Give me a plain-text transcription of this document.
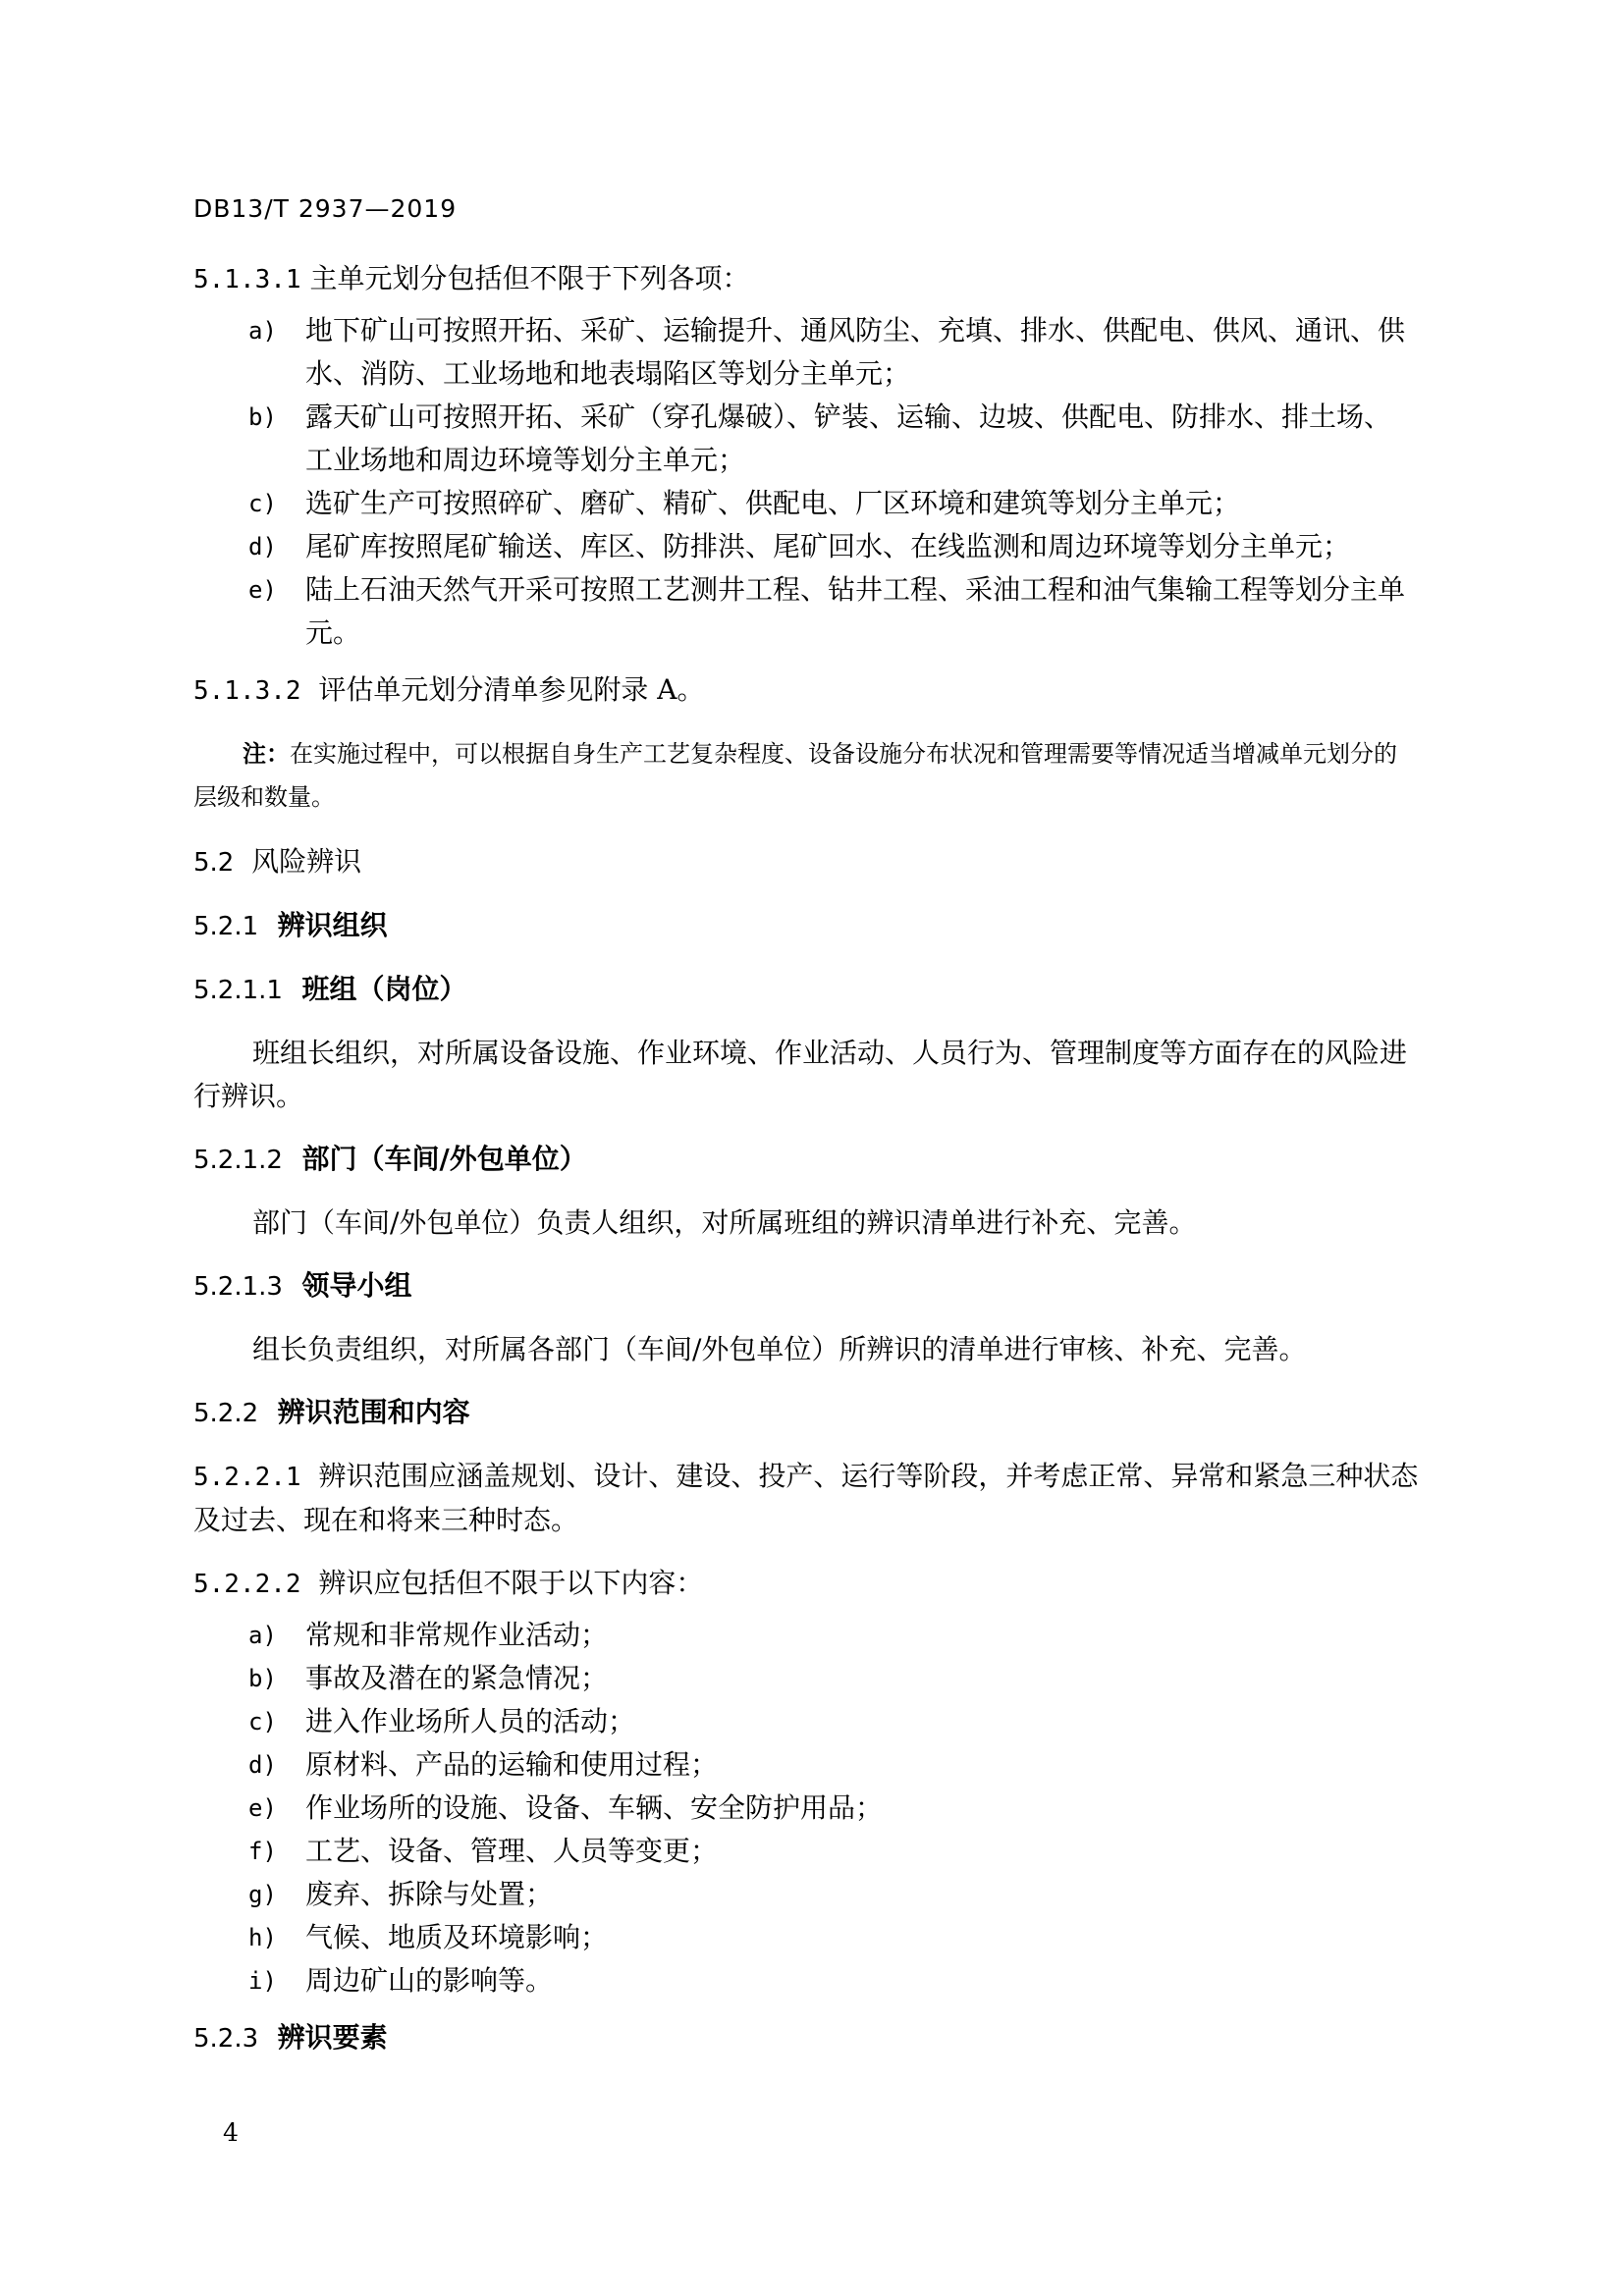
DB13/T 2937—2019
5.1.3.1 主单元划分包括但不限于下列各项：
a) 地下矿山可按照开拓、采矿、运输提升、通风防尘、充填、排水、供配电、供风、通讯、供
水、消防、工业场地和地表塌陷区等划分主单元；
b) 露天矿山可按照开拓、采矿（穿孔爆破）、铲装、运输、边坡、供配电、防排水、排土场、
工业场地和周边环境等划分主单元；
c) 选矿生产可按照碎矿、磨矿、精矿、供配电、厂区环境和建筑等划分主单元；
d) 尾矿库按照尾矿输送、库区、防排洪、尾矿回水、在线监测和周边环境等划分主单元；
e) 陆上石油天然气开采可按照工艺测井工程、钻井工程、采油工程和油气集输工程等划分主单
元。
5.1.3.2 评估单元划分清单参见附录 A。
注：在实施过程中，可以根据自身生产工艺复杂程度、设备设施分布状况和管理需要等情况适当增减单元划分的
层级和数量。
5.2 风险辨识
5.2.1 辨识组织
5.2.1.1 班组（岗位）
班组长组织，对所属设备设施、作业环境、作业活动、人员行为、管理制度等方面存在的风险进
行辨识。
5.2.1.2 部门（车间/外包单位）
部门（车间/外包单位）负责人组织，对所属班组的辨识清单进行补充、完善。
5.2.1.3 领导小组
组长负责组织，对所属各部门（车间/外包单位）所辨识的清单进行审核、补充、完善。
5.2.2 辨识范围和内容
5.2.2.1 辨识范围应涵盖规划、设计、建设、投产、运行等阶段，并考虑正常、异常和紧急三种状态
及过去、现在和将来三种时态。
5.2.2.2 辨识应包括但不限于以下内容：
a) 常规和非常规作业活动；
b) 事故及潜在的紧急情况；
c) 进入作业场所人员的活动；
d) 原材料、产品的运输和使用过程；
e) 作业场所的设施、设备、车辆、安全防护用品；
f) 工艺、设备、管理、人员等变更；
g) 废弃、拆除与处置；
h) 气候、地质及环境影响；
i) 周边矿山的影响等。
5.2.3 辨识要素
4
